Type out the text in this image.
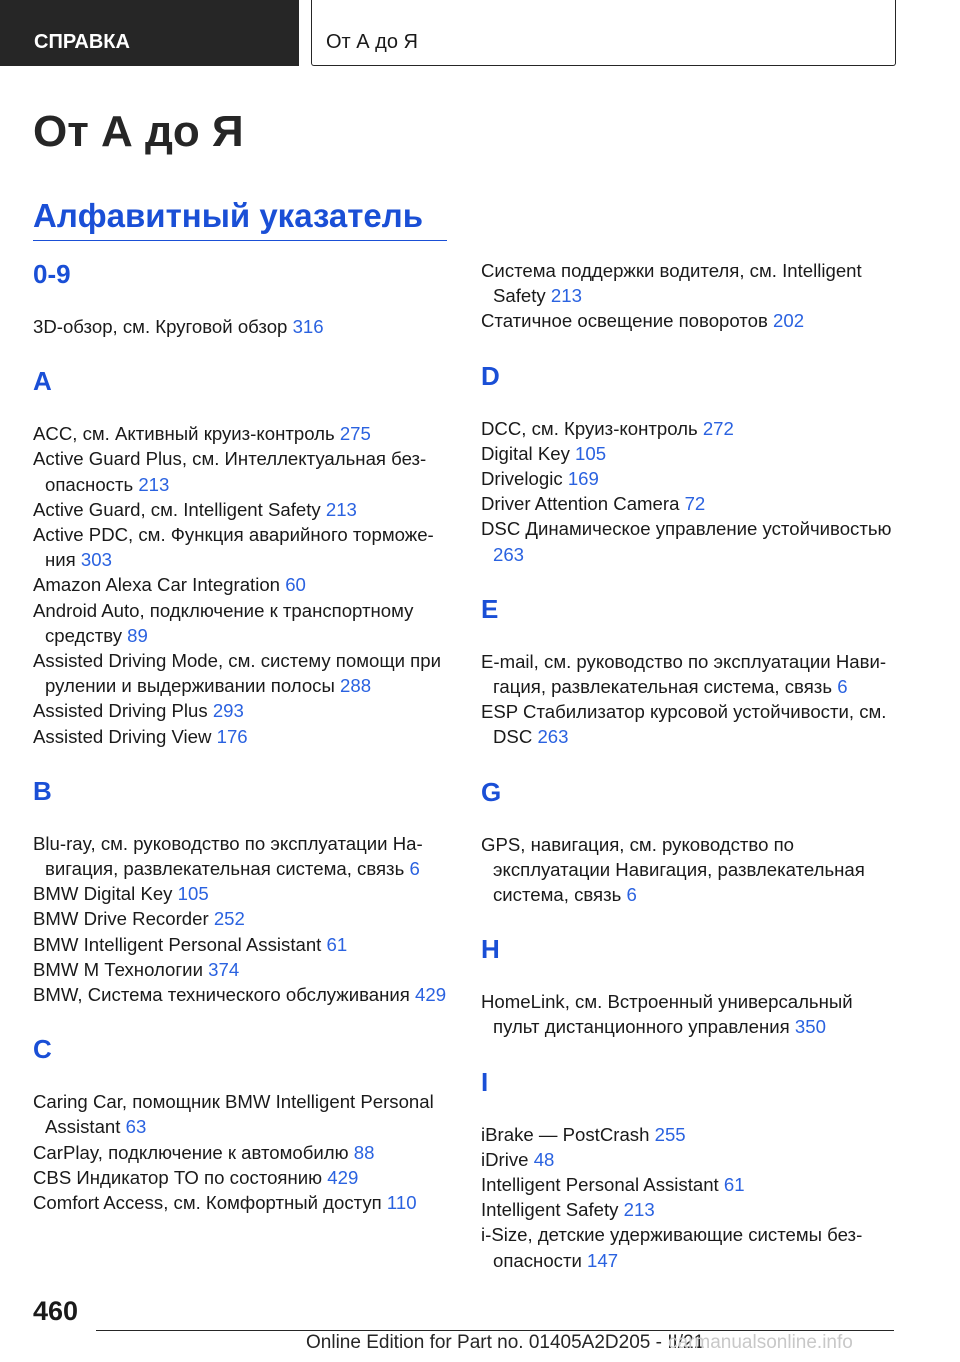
СПРАВКА	От А до Я
От А до Я
Алфавитный указатель
0-9

3D-обзор, см. Круговой обзор 316

A

ACC, см. Активный круиз-контроль 275

Active Guard Plus, см. Интеллектуальная безопасность 213

Active Guard, см. Intelligent Safety 213

Active PDC, см. Функция аварийного торможения 303

Amazon Alexa Car Integration 60

Android Auto, подключение к транспортному средству 89

Assisted Driving Mode, см. систему помощи при рулении и выдерживании полосы 288

Assisted Driving Plus 293

Assisted Driving View 176

B

Blu-ray, см. руководство по эксплуатации Навигация, развлекательная система, связь 6

BMW Digital Key 105

BMW Drive Recorder 252

BMW Intelligent Personal Assistant 61

BMW M Технологии 374

BMW, Система технического обслуживания 429

C

Caring Car, помощник BMW Intelligent Personal Assistant 63

CarPlay, подключение к автомобилю 88

CBS Индикатор ТО по состоянию 429

Comfort Access, см. Комфортный доступ 110

Система поддержки водителя, см. Intelligent Safety 213

Статичное освещение поворотов 202

D

DCC, см. Круиз-контроль 272

Digital Key 105

Drivelogic 169

Driver Attention Camera 72

DSC Динамическое управление устойчивостью 263

E

E-mail, см. руководство по эксплуатации Навигация, развлекательная система, связь 6

ESP Стабилизатор курсовой устойчивости, см. DSC 263

G

GPS, навигация, см. руководство по эксплуатации Навигация, развлекательная система, связь 6

H

HomeLink, см. Встроенный универсальный пульт дистанционного управления 350

I

iBrake — PostCrash 255

iDrive 48

Intelligent Personal Assistant 61

Intelligent Safety 213

i-Size, детские удерживающие системы безопасности 147

460
Online Edition for Part no. 01405A2D205 - II/21
carmanualsonline.info
